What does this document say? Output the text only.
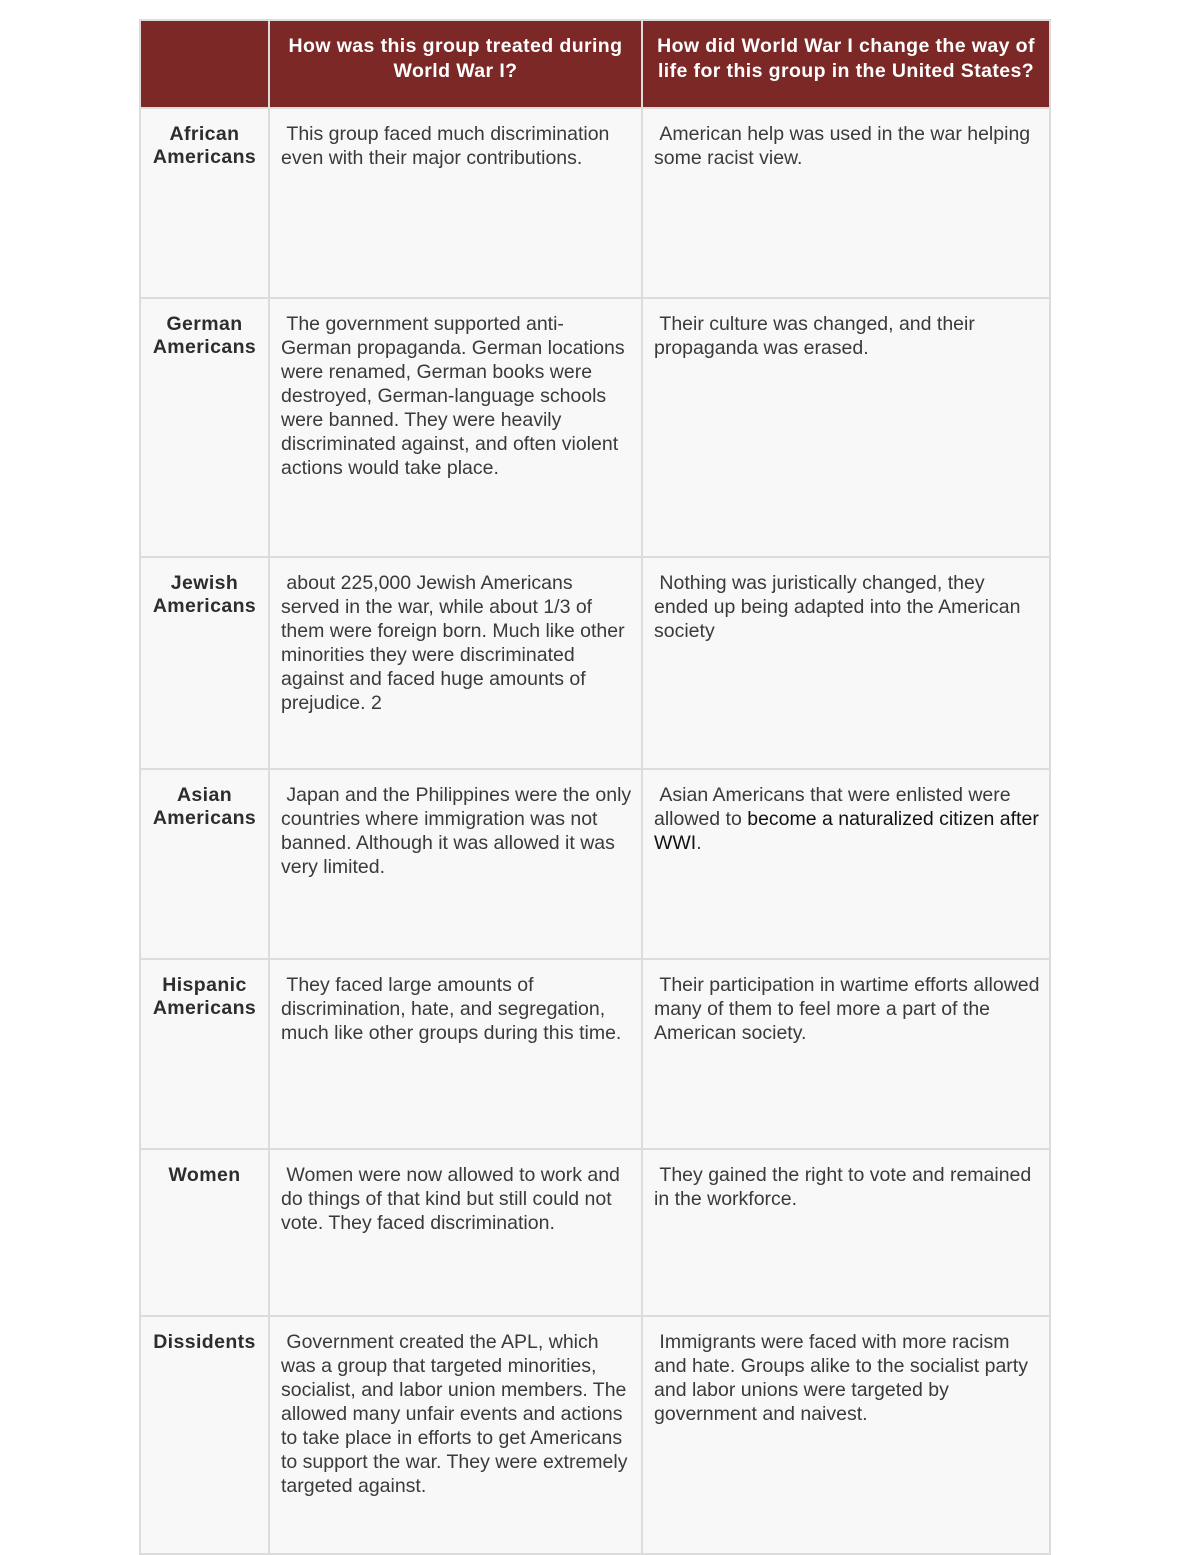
	How was this group treated during World War I?	How did World War I change the way of life for this group in the United States?

African Americans	This group faced much discrimination even with their major contributions.	American help was used in the war helping some racist view.

German Americans	The government supported anti-German propaganda. German locations were renamed, German books were destroyed, German-language schools were banned. They were heavily discriminated against, and often violent actions would take place.	Their culture was changed, and their propaganda was erased.

Jewish Americans	about 225,000 Jewish Americans served in the war, while about 1/3 of them were foreign born. Much like other minorities they were discriminated against and faced huge amounts of prejudice. 2	Nothing was juristically changed, they ended up being adapted into the American society

Asian Americans	Japan and the Philippines were the only countries where immigration was not banned. Although it was allowed it was very limited.	Asian Americans that were enlisted were allowed to become a naturalized citizen after WWI.

Hispanic Americans	They faced large amounts of discrimination, hate, and segregation, much like other groups during this time.	Their participation in wartime efforts allowed many of them to feel more a part of the American society.

Women	Women were now allowed to work and do things of that kind but still could not vote. They faced discrimination.	They gained the right to vote and remained in the workforce.

Dissidents	Government created the APL, which was a group that targeted minorities, socialist, and labor union members. The allowed many unfair events and actions to take place in efforts to get Americans to support the war. They were extremely targeted against.	Immigrants were faced with more racism and hate. Groups alike to the socialist party and labor unions were targeted by government and naivest.
